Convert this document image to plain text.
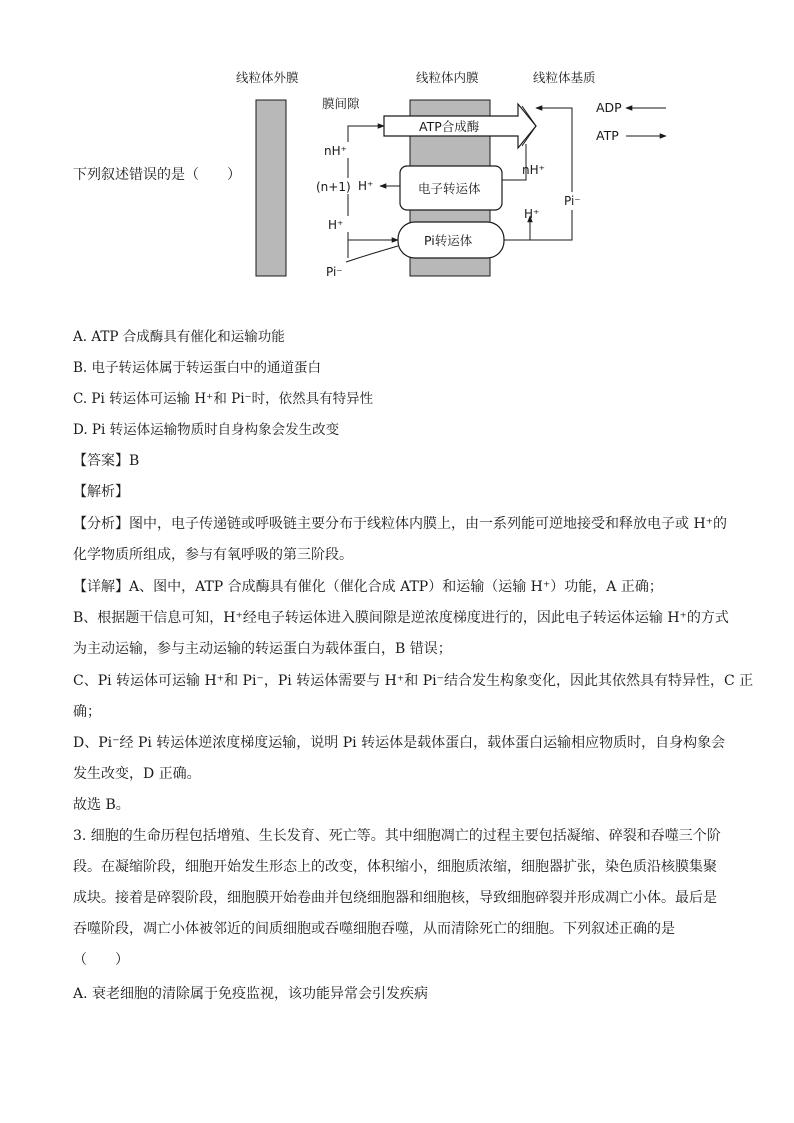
下列叙述错误的是（　　）
线粒体外膜	线粒体内膜	线粒体基质
膜间隙
ATP合成酶
电子转运体
Pi转运体
nH⁺
(n+1)
H⁺
H⁺
Pi⁻
nH⁺
H⁺
Pi⁻
ADP
ATP
A. ATP 合成酶具有催化和运输功能
B. 电子转运体属于转运蛋白中的通道蛋白
C. Pi 转运体可运输 H⁺和 Pi⁻时，依然具有特异性
D. Pi 转运体运输物质时自身构象会发生改变
【答案】B
【解析】
【分析】图中，电子传递链或呼吸链主要分布于线粒体内膜上，由一系列能可逆地接受和释放电子或 H⁺的
化学物质所组成，参与有氧呼吸的第三阶段。
【详解】A、图中，ATP 合成酶具有催化（催化合成 ATP）和运输（运输 H⁺）功能，A 正确；
B、根据题干信息可知，H⁺经电子转运体进入膜间隙是逆浓度梯度进行的，因此电子转运体运输 H⁺的方式
为主动运输，参与主动运输的转运蛋白为载体蛋白，B 错误；
C、Pi 转运体可运输 H⁺和 Pi⁻，Pi 转运体需要与 H⁺和 Pi⁻结合发生构象变化，因此其依然具有特异性，C 正
确；
D、Pi⁻经 Pi 转运体逆浓度梯度运输，说明 Pi 转运体是载体蛋白，载体蛋白运输相应物质时，自身构象会
发生改变，D 正确。
故选 B。
3. 细胞的生命历程包括增殖、生长发育、死亡等。其中细胞凋亡的过程主要包括凝缩、碎裂和吞噬三个阶
段。在凝缩阶段，细胞开始发生形态上的改变，体积缩小，细胞质浓缩，细胞器扩张，染色质沿核膜集聚
成块。接着是碎裂阶段，细胞膜开始卷曲并包绕细胞器和细胞核，导致细胞碎裂并形成凋亡小体。最后是
吞噬阶段，凋亡小体被邻近的间质细胞或吞噬细胞吞噬，从而清除死亡的细胞。下列叙述正确的是
（　　）
A. 衰老细胞的清除属于免疫监视，该功能异常会引发疾病
